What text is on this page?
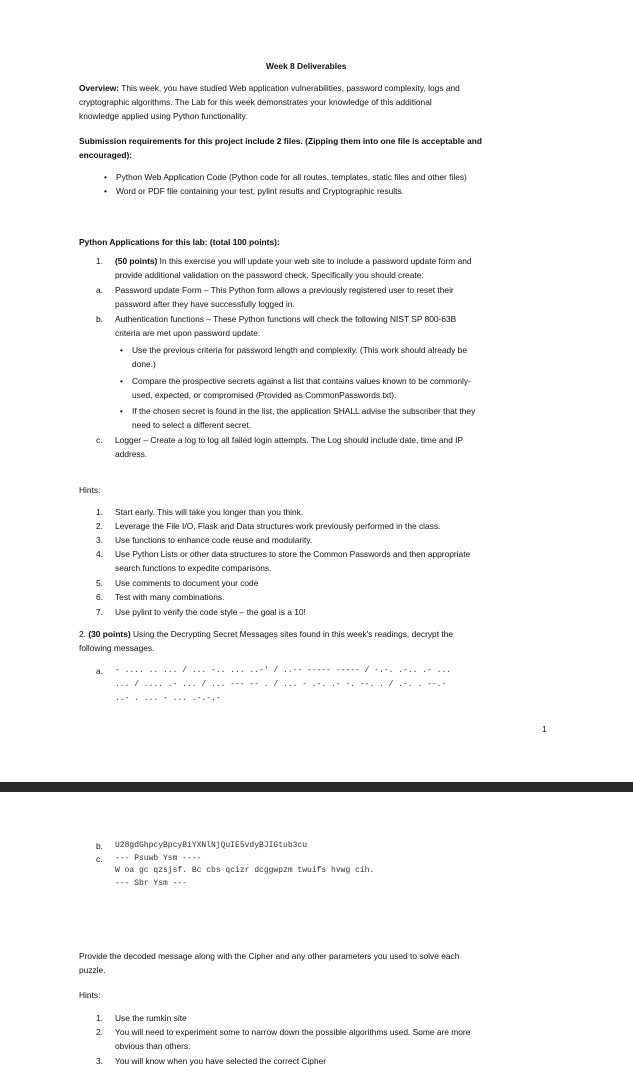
Week 8 Deliverables
Overview: This week, you have studied Web application vulnerabilities, password complexity, logs and
cryptographic algorithms. The Lab for this week demonstrates your knowledge of this additional
knowledge applied using Python functionality.
Submission requirements for this project include 2 files. (Zipping them into one file is acceptable and
encouraged):
• Python Web Application Code (Python code for all routes, templates, static files and other files)
• Word or PDF file containing your test, pylint results and Cryptographic results.
Python Applications for this lab: (total 100 points):
1. (50 points) In this exercise you will update your web site to include a password update form and
provide additional validation on the password check. Specifically you should create:
a. Password update Form – This Python form allows a previously registered user to reset their
password after they have successfully logged in.
b. Authentication functions – These Python functions will check the following NIST SP 800-63B
criteria are met upon password update:
• Use the previous criteria for password length and complexity. (This work should already be
done.)
• Compare the prospective secrets against a list that contains values known to be commonly-
used, expected, or compromised (Provided as CommonPasswords.txt).
• If the chosen secret is found in the list, the application SHALL advise the subscriber that they
need to select a different secret.
c. Logger – Create a log to log all failed login attempts. The Log should include date, time and IP
address.
Hints:
1. Start early. This will take you longer than you think.
2. Leverage the File I/O, Flask and Data structures work previously performed in the class.
3. Use functions to enhance code reuse and modularity.
4. Use Python Lists or other data structures to store the Common Passwords and then appropriate
search functions to expedite comparisons.
5. Use comments to document your code
6. Test with many combinations.
7. Use pylint to verify the code style – the goal is a 10!
2. (30 points) Using the Decrypting Secret Messages sites found in this week's readings, decrypt the
following messages.
a. - .... .. ... / ... -.. ... ..-' / ..-- ----- ----- / -.-. .-.. .- ...
... / .... .- ... / ... --- -- . / ... - .-. .- -. --. . / .-. . --.-
..- . ... - ... .-.-.-
1
b. U28gdGhpcyBpcyBiYXNlNjQuIE5vdyBJIGtub3cu
c. --- Psuwb Ysm ----
W oa gc qzsjsf. Bc cbs qcizr dcggwpzm twuifs hvwg cih.
--- Sbr Ysm ---
Provide the decoded message along with the Cipher and any other parameters you used to solve each
puzzle.
Hints:
1. Use the rumkin site
2. You will need to experiment some to narrow down the possible algorithms used. Some are more
obvious than others.
3. You will know when you have selected the correct Cipher
